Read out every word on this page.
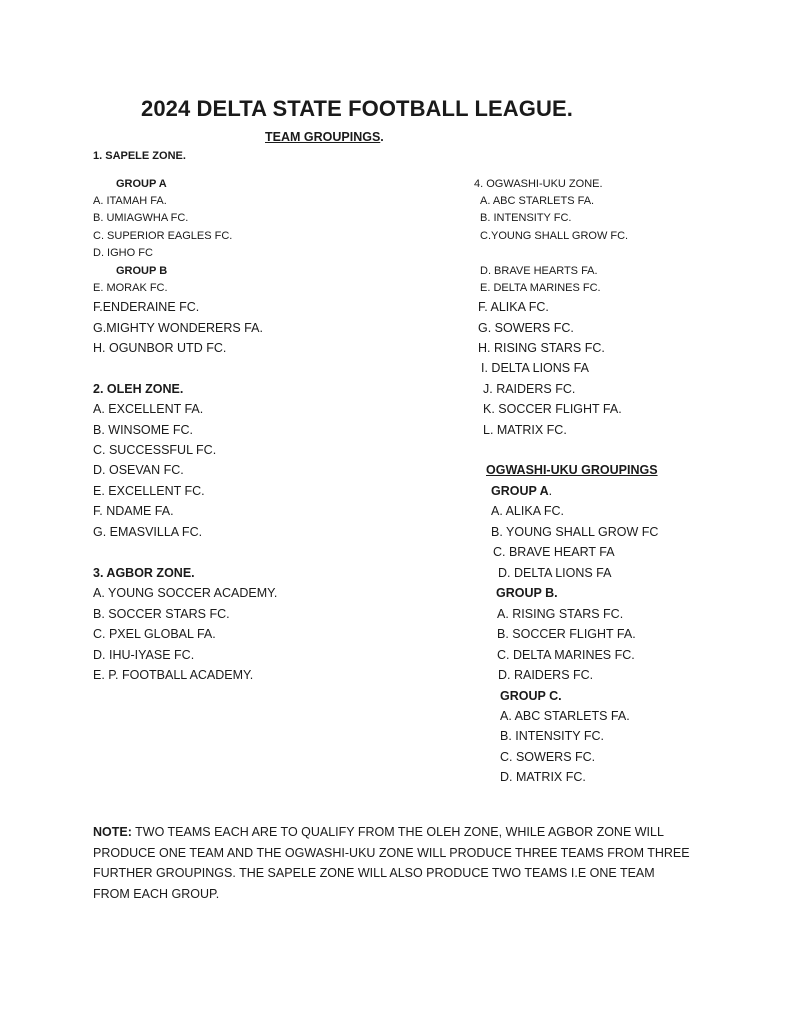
2024 DELTA STATE FOOTBALL LEAGUE.
TEAM GROUPINGS.
1. SAPELE ZONE.
GROUP A
A. ITAMAH FA.
B. UMIAGWHA FC.
C. SUPERIOR EAGLES FC.
D. IGHO FC
GROUP B
E. MORAK FC.
F.ENDERAINE FC.
G.MIGHTY WONDERERS FA.
H. OGUNBOR UTD FC.
2. OLEH ZONE.
A. EXCELLENT FA.
B. WINSOME FC.
C. SUCCESSFUL FC.
D. OSEVAN FC.
E. EXCELLENT FC.
F. NDAME FA.
G. EMASVILLA FC.
3. AGBOR ZONE.
A. YOUNG SOCCER ACADEMY.
B. SOCCER STARS FC.
C. PXEL GLOBAL FA.
D. IHU-IYASE FC.
E. P. FOOTBALL ACADEMY.
4. OGWASHI-UKU ZONE.
A. ABC STARLETS FA.
B. INTENSITY FC.
C.YOUNG SHALL GROW FC.
D. BRAVE HEARTS FA.
E. DELTA MARINES FC.
F. ALIKA FC.
G. SOWERS FC.
H. RISING STARS FC.
I. DELTA LIONS FA
J. RAIDERS FC.
K. SOCCER FLIGHT FA.
L. MATRIX FC.
OGWASHI-UKU GROUPINGS
GROUP A.
A. ALIKA FC.
B. YOUNG SHALL GROW FC
C. BRAVE HEART FA
D. DELTA LIONS FA
GROUP B.
A. RISING STARS FC.
B. SOCCER FLIGHT FA.
C. DELTA MARINES FC.
D. RAIDERS FC.
GROUP C.
A. ABC STARLETS FA.
B. INTENSITY FC.
C. SOWERS FC.
D. MATRIX FC.
NOTE: TWO TEAMS EACH ARE TO QUALIFY FROM THE OLEH ZONE, WHILE AGBOR ZONE WILL PRODUCE ONE TEAM AND THE OGWASHI-UKU ZONE WILL PRODUCE THREE TEAMS FROM THREE FURTHER GROUPINGS. THE SAPELE ZONE WILL ALSO PRODUCE TWO TEAMS I.E ONE TEAM FROM EACH GROUP.
